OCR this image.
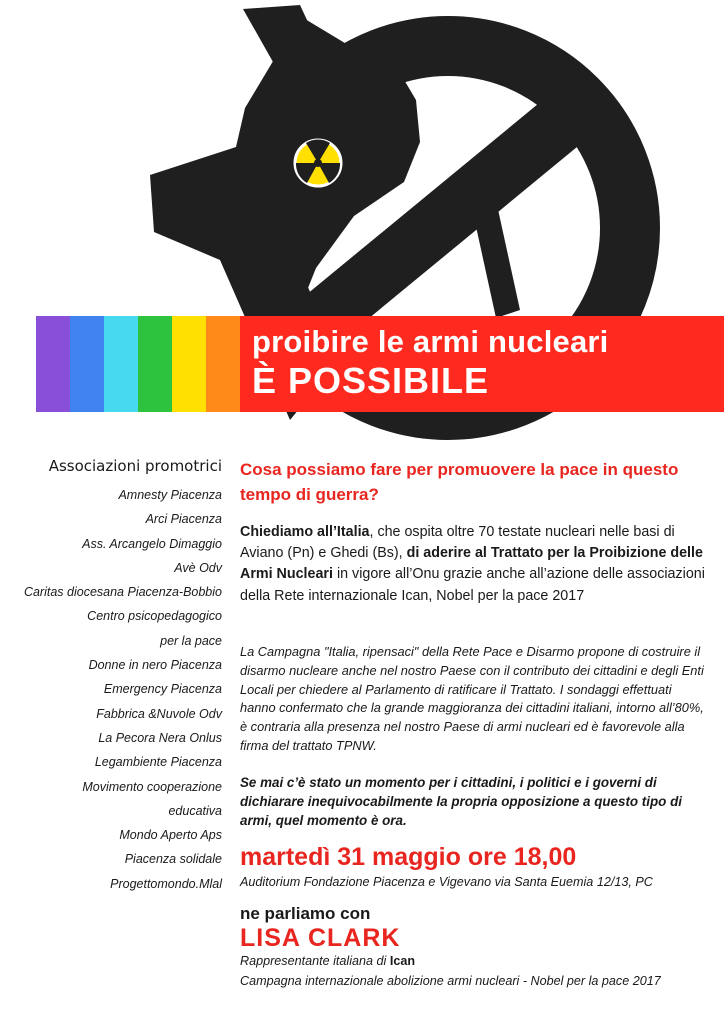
proibire le armi nucleari
È POSSIBILE
Associazioni promotrici
Amnesty Piacenza
Arci Piacenza
Ass. Arcangelo Dimaggio
Avè Odv
Caritas diocesana Piacenza-Bobbio
Centro psicopedagogico
per la pace
Donne in nero Piacenza
Emergency Piacenza
Fabbrica &Nuvole Odv
La Pecora Nera Onlus
Legambiente Piacenza
Movimento cooperazione
educativa
Mondo Aperto Aps
Piacenza solidale
Progettomondo.Mlal
Cosa possiamo fare per promuovere la pace in questo tempo di guerra?
Chiediamo all’Italia, che ospita oltre 70 testate nucleari nelle basi di Aviano (Pn) e Ghedi (Bs), di aderire al Trattato per la Proibizione delle Armi Nucleari in vigore all’Onu grazie anche all’azione delle associazioni della Rete internazionale Ican, Nobel per la pace 2017
La Campagna "Italia, ripensaci" della Rete Pace e Disarmo propone di costruire il disarmo nucleare anche nel nostro Paese con il contributo dei cittadini e degli Enti Locali per chiedere al Parlamento di ratificare il Trattato. I sondaggi effettuati hanno confermato che la grande maggioranza dei cittadini italiani, intorno all’80%, è contraria alla presenza nel nostro Paese di armi nucleari ed è favorevole alla firma del trattato TPNW.
Se mai c’è stato un momento per i cittadini, i politici e i governi di dichiarare inequivocabilmente la propria opposizione a questo tipo di armi, quel momento è ora.
martedì 31 maggio ore 18,00
Auditorium Fondazione Piacenza e Vigevano via Santa Euemia 12/13, PC
ne parliamo con
LISA CLARK
Rappresentante italiana di Ican
Campagna internazionale abolizione armi nucleari - Nobel per la pace 2017
